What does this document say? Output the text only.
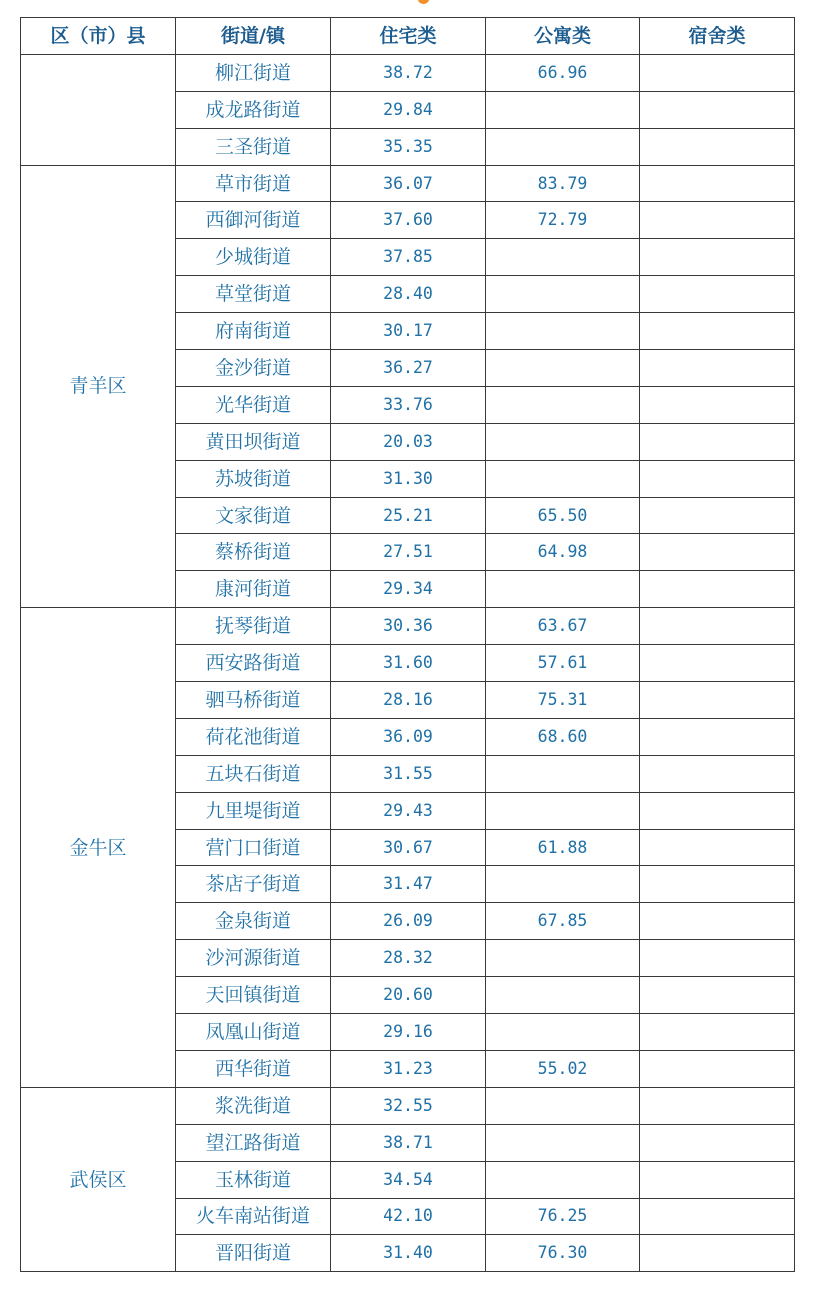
区（市）县	街道/镇	住宅类	公寓类	宿舍类
	柳江街道	38.72	66.96	
	成龙路街道	29.84		
	三圣街道	35.35		
青羊区	草市街道	36.07	83.79	
	西御河街道	37.60	72.79	
	少城街道	37.85		
	草堂街道	28.40		
	府南街道	30.17		
	金沙街道	36.27		
	光华街道	33.76		
	黄田坝街道	20.03		
	苏坡街道	31.30		
	文家街道	25.21	65.50	
	蔡桥街道	27.51	64.98	
	康河街道	29.34		
金牛区	抚琴街道	30.36	63.67	
	西安路街道	31.60	57.61	
	驷马桥街道	28.16	75.31	
	荷花池街道	36.09	68.60	
	五块石街道	31.55		
	九里堤街道	29.43		
	营门口街道	30.67	61.88	
	茶店子街道	31.47		
	金泉街道	26.09	67.85	
	沙河源街道	28.32		
	天回镇街道	20.60		
	凤凰山街道	29.16		
	西华街道	31.23	55.02	
武侯区	浆洗街道	32.55		
	望江路街道	38.71		
	玉林街道	34.54		
	火车南站街道	42.10	76.25	
	晋阳街道	31.40	76.30	
